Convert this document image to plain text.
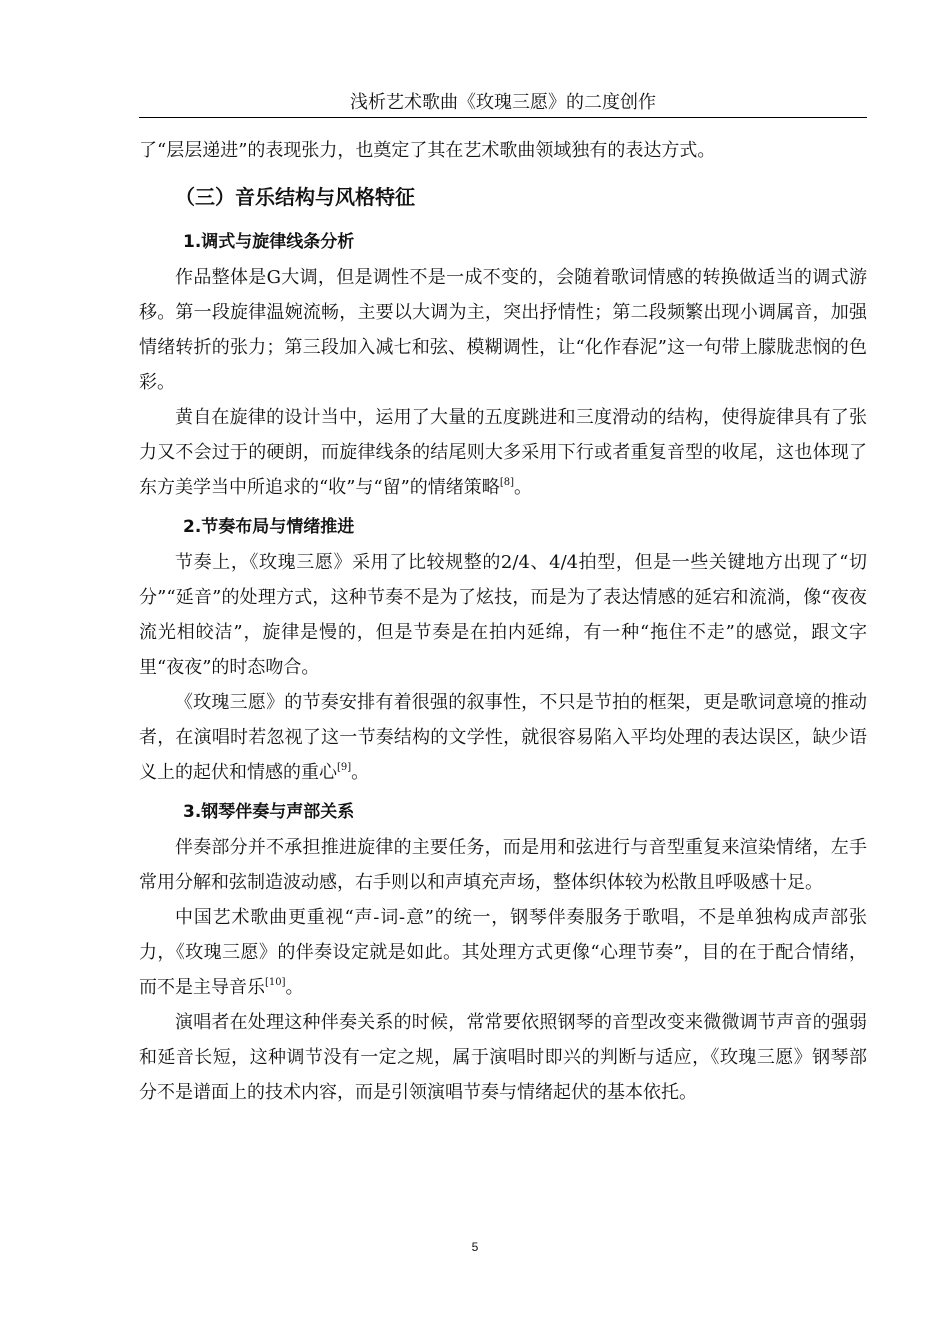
浅析艺术歌曲《玫瑰三愿》的二度创作

了“层层递进”的表现张力，也奠定了其在艺术歌曲领域独有的表达方式。

（三）音乐结构与风格特征
1.调式与旋律线条分析

作品整体是G大调，但是调性不是一成不变的，会随着歌词情感的转换做适当的调式游移。第一段旋律温婉流畅，主要以大调为主，突出抒情性；第二段频繁出现小调属音，加强情绪转折的张力；第三段加入减七和弦、模糊调性，让“化作春泥”这一句带上朦胧悲悯的色彩。

黄自在旋律的设计当中，运用了大量的五度跳进和三度滑动的结构，使得旋律具有了张力又不会过于的硬朗，而旋律线条的结尾则大多采用下行或者重复音型的收尾，这也体现了东方美学当中所追求的“收”与“留”的情绪策略[8]。

2.节奏布局与情绪推进

节奏上，《玫瑰三愿》采用了比较规整的2/4、4/4拍型，但是一些关键地方出现了“切分”“延音”的处理方式，这种节奏不是为了炫技，而是为了表达情感的延宕和流淌，像“夜夜流光相皎洁”，旋律是慢的，但是节奏是在拍内延绵，有一种“拖住不走”的感觉，跟文字里“夜夜”的时态吻合。

《玫瑰三愿》的节奏安排有着很强的叙事性，不只是节拍的框架，更是歌词意境的推动者，在演唱时若忽视了这一节奏结构的文学性，就很容易陷入平均处理的表达误区，缺少语义上的起伏和情感的重心[9]。

3.钢琴伴奏与声部关系

伴奏部分并不承担推进旋律的主要任务，而是用和弦进行与音型重复来渲染情绪，左手常用分解和弦制造波动感，右手则以和声填充声场，整体织体较为松散且呼吸感十足。

中国艺术歌曲更重视“声-词-意”的统一，钢琴伴奏服务于歌唱，不是单独构成声部张力，《玫瑰三愿》的伴奏设定就是如此。其处理方式更像“心理节奏”，目的在于配合情绪，而不是主导音乐[10]。

演唱者在处理这种伴奏关系的时候，常常要依照钢琴的音型改变来微微调节声音的强弱和延音长短，这种调节没有一定之规，属于演唱时即兴的判断与适应，《玫瑰三愿》钢琴部分不是谱面上的技术内容，而是引领演唱节奏与情绪起伏的基本依托。

5
